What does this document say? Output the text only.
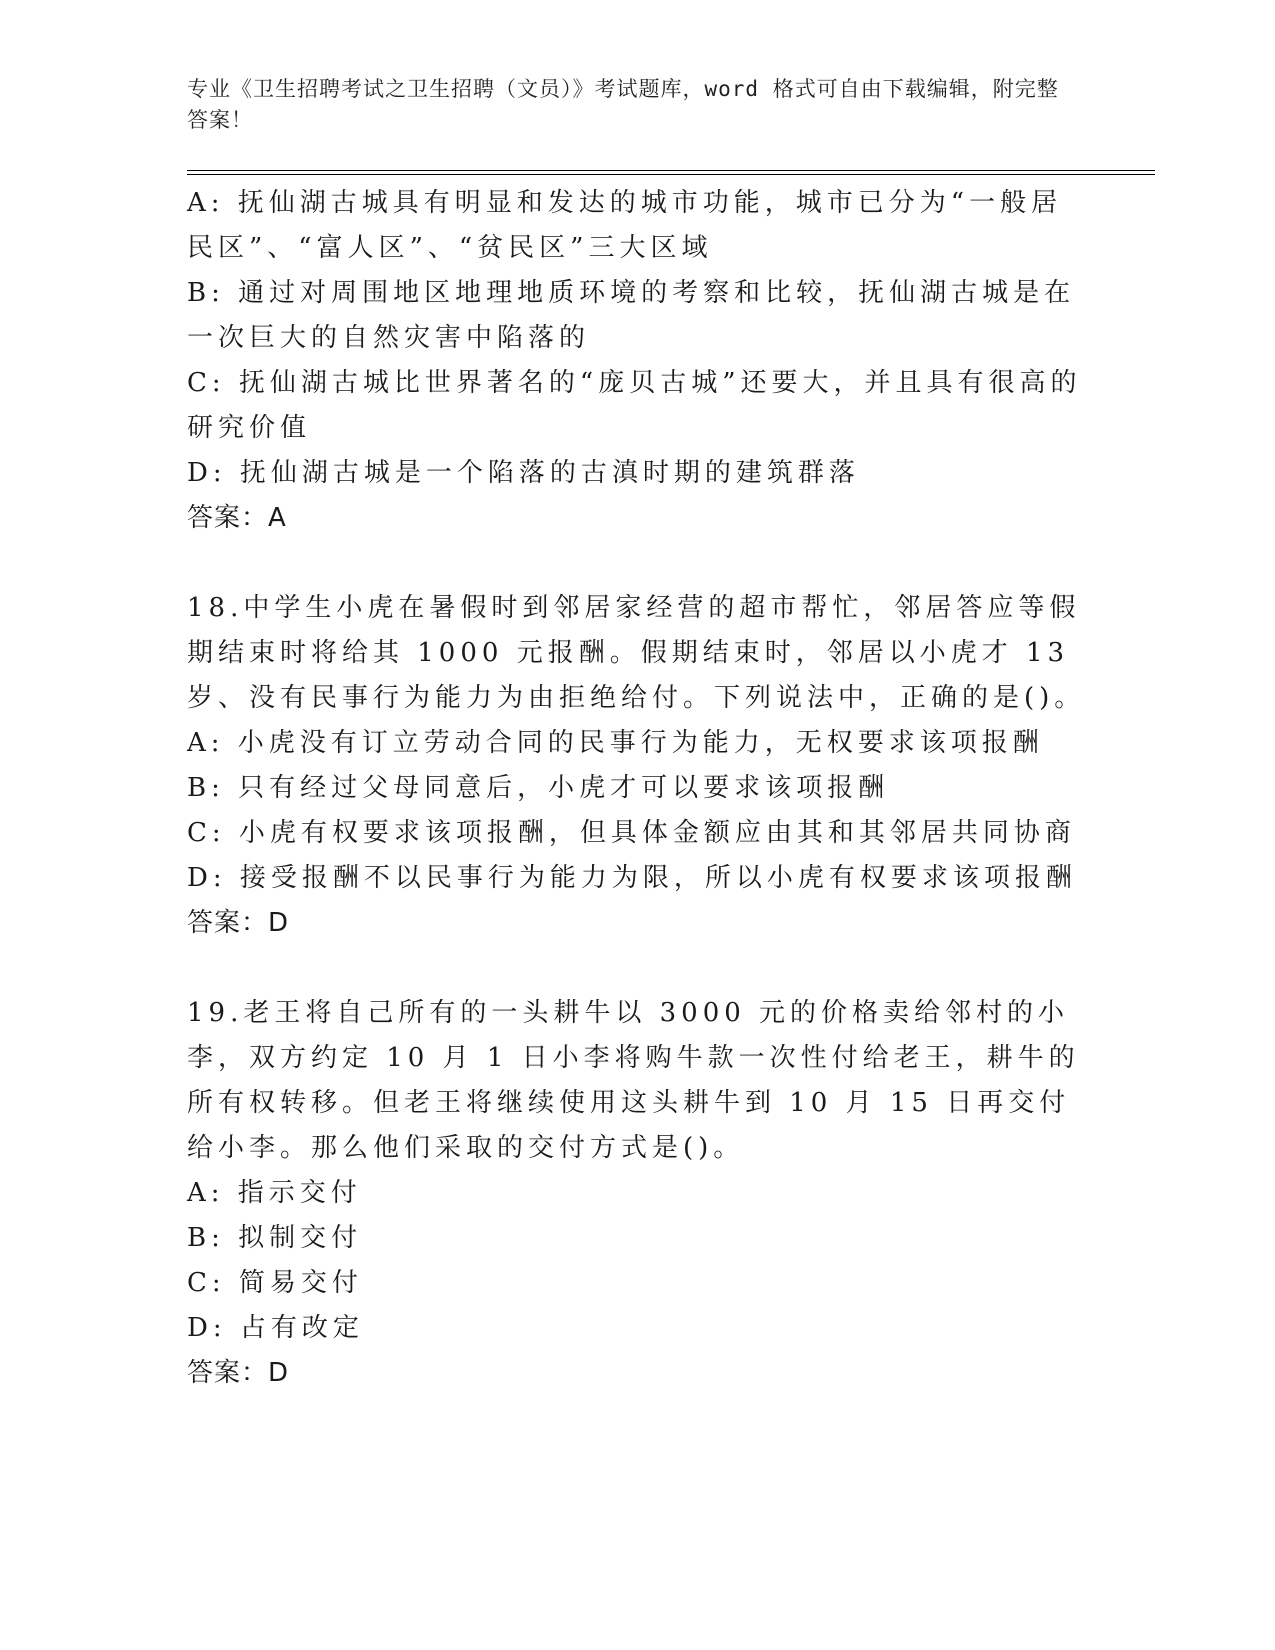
专业《卫生招聘考试之卫生招聘（文员）》考试题库，word 格式可自由下载编辑，附完整答案！
A: 抚仙湖古城具有明显和发达的城市功能，城市已分为“一般居民区”、“富人区”、“贫民区”三大区域
B: 通过对周围地区地理地质环境的考察和比较，抚仙湖古城是在一次巨大的自然灾害中陷落的
C: 抚仙湖古城比世界著名的“庞贝古城”还要大，并且具有很高的研究价值
D: 抚仙湖古城是一个陷落的古滇时期的建筑群落
答案：A
18.中学生小虎在暑假时到邻居家经营的超市帮忙，邻居答应等假期结束时将给其 1000 元报酬。假期结束时，邻居以小虎才 13 岁、没有民事行为能力为由拒绝给付。下列说法中，正确的是()。
A: 小虎没有订立劳动合同的民事行为能力，无权要求该项报酬
B: 只有经过父母同意后，小虎才可以要求该项报酬
C: 小虎有权要求该项报酬，但具体金额应由其和其邻居共同协商
D: 接受报酬不以民事行为能力为限，所以小虎有权要求该项报酬
答案：D
19.老王将自己所有的一头耕牛以 3000 元的价格卖给邻村的小李，双方约定 10 月 1 日小李将购牛款一次性付给老王，耕牛的所有权转移。但老王将继续使用这头耕牛到 10 月 15 日再交付给小李。那么他们采取的交付方式是()。
A: 指示交付
B: 拟制交付
C: 简易交付
D: 占有改定
答案：D
